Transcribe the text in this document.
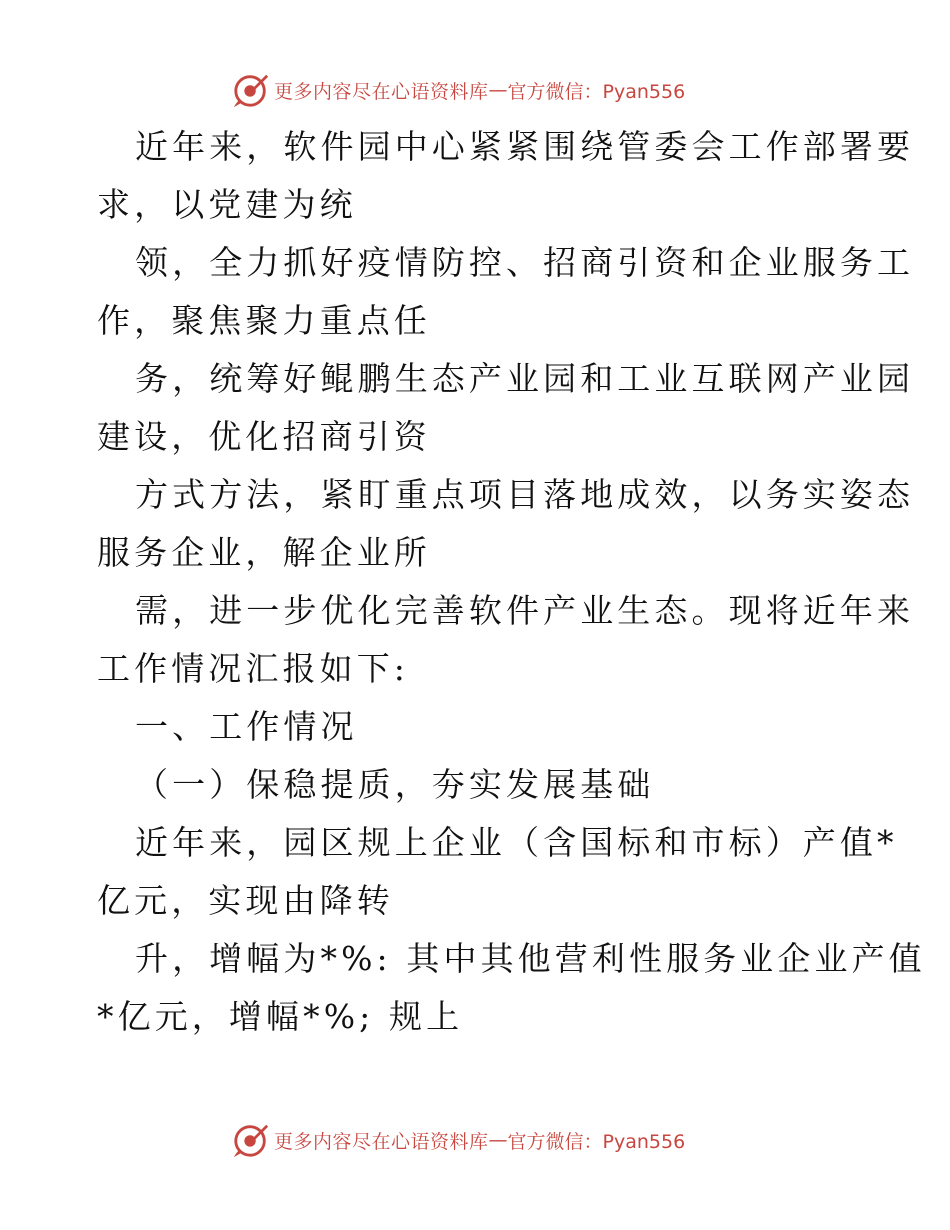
更多内容尽在心语资料库 — 官方微信：Pyan556
近年来，软件园中心紧紧围绕管委会工作部署要
求，以党建为统
领，全力抓好疫情防控、招商引资和企业服务工
作，聚焦聚力重点任
务，统筹好鲲鹏生态产业园和工业互联网产业园
建设，优化招商引资
方式方法，紧盯重点项目落地成效，以务实姿态
服务企业，解企业所
需，进一步优化完善软件产业生态。现将近年来
工作情况汇报如下:
一、工作情况
（一）保稳提质，夯实发展基础
近年来，园区规上企业（含国标和市标）产值*
亿元，实现由降转
升，增幅为*%: 其中其他营利性服务业企业产值
*亿元，增幅*%; 规上
更多内容尽在心语资料库 — 官方微信：Pyan556
